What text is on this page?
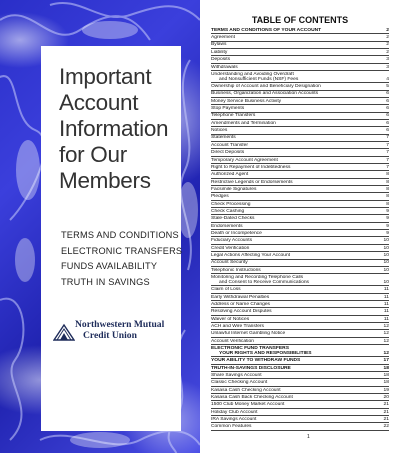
Important
Account
Information
for Our
Members
TERMS AND CONDITIONS
ELECTRONIC TRANSFERS
FUNDS AVAILABILITY
TRUTH IN SAVINGS
Northwestern Mutual
Credit Union
TABLE OF CONTENTS
TERMS AND CONDITIONS OF YOUR ACCOUNT	2
Agreement	2
Bylaws	2
Liability	2
Deposits	3
Withdrawals	3
Understanding and Avoiding Overdraft
and Nonsufficient Funds (NSF) Fees	4
Ownership of Account and Beneficiary Designation	5
Business, Organization and Association Accounts	6
Money Service Business Activity	6
Stop Payments	6
Telephone Transfers	6
Amendments and Termination	6
Notices	6
Statements	7
Account Transfer	7
Direct Deposits	7
Temporary Account Agreement	7
Right to Repayment of Indebtedness	7
Authorized Agent	8
Restrictive Legends or Endorsements	8
Facsimile Signatures	8
Pledges	8
Check Processing	8
Check Cashing	9
Stale-Dated Checks	9
Endorsements	9
Death or Incompetence	9
Fiduciary Accounts	10
Credit Verification	10
Legal Actions Affecting Your Account	10
Account Security	10
Telephonic Instructions	10
Monitoring and Recording Telephone Calls
and Consent to Receive Communications	10
Claim of Loss	11
Early Withdrawal Penalties	11
Address or Name Changes	11
Resolving Account Disputes	11
Waiver of Notices	11
ACH and Wire Transfers	12
Unlawful Internet Gambling Notice	12
Account Verification	12
ELECTRONIC FUND TRANSFERS
YOUR RIGHTS AND RESPONSIBILITIES	12
YOUR ABILITY TO WITHDRAW FUNDS	17
TRUTH-IN-SAVINGS DISCLOSURE	18
Share Savings Account	18
Classic Checking Account	18
Kasasa Cash Checking Account	19
Kasasa Cash Back Checking Account	20
1500 Club Money Market Account	21
Holiday Club Account	21
IRA Savings Account	21
Common Features	22
1
